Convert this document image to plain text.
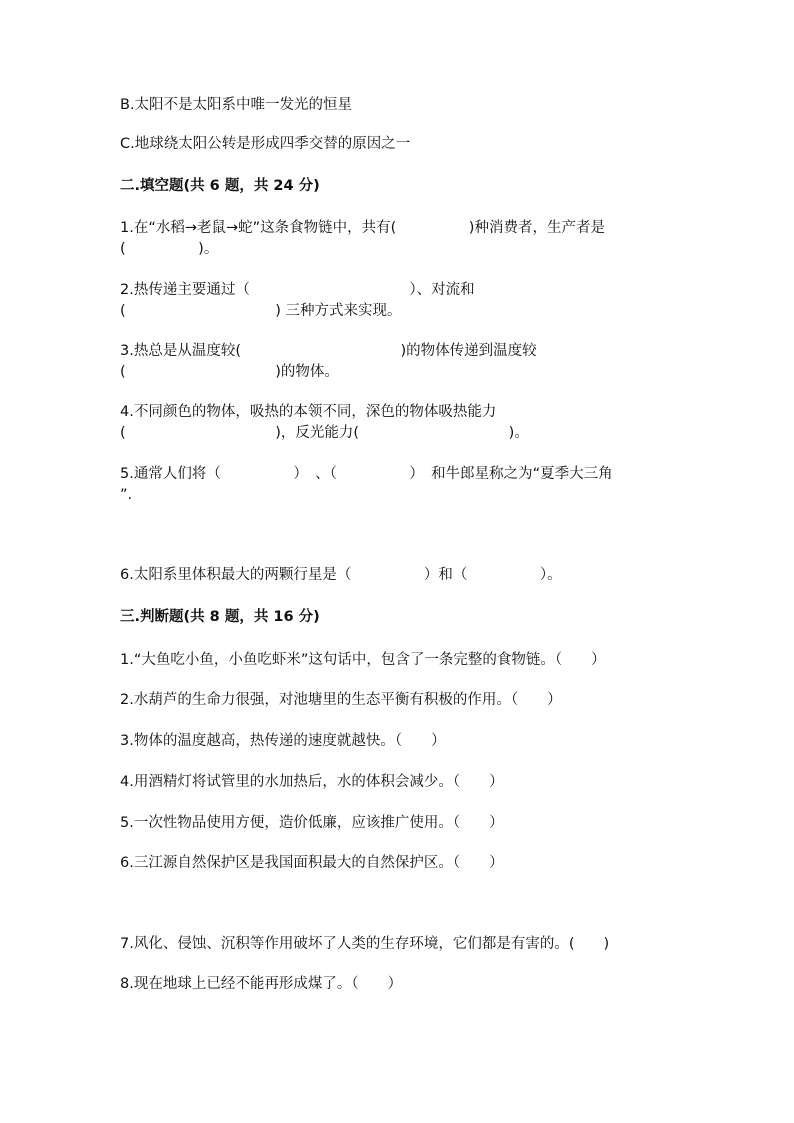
B.太阳不是太阳系中唯一发光的恒星
C.地球绕太阳公转是形成四季交替的原因之一
二.填空题(共 6 题，共 24 分)
1.在“水稻→老鼠→蛇”这条食物链中，共有(　　　　　)种消费者，生产者是
(　　　　　)。
2.热传递主要通过（　　　　　　　　　　　）、对流和
(　　　　　　　　　　 ) 三种方式来实现。
3.热总是从温度较(　　　　　　　　　　　)的物体传递到温度较
(　　　　　　　　　　 )的物体。
4.不同颜色的物体，吸热的本领不同，深色的物体吸热能力
(　　　　　　　　　　 )，反光能力(　　　　　　　　　　 )。
5.通常人们将（　　　　　）　、（　　　　　）　和牛郎星称之为“夏季大三角
”.
6.太阳系里体积最大的两颗行星是（　　　　　）和（　　　　　）。
三.判断题(共 8 题，共 16 分)
1.“大鱼吃小鱼，小鱼吃虾米”这句话中，包含了一条完整的食物链。（　　）
2.水葫芦的生命力很强，对池塘里的生态平衡有积极的作用。（　　）
3.物体的温度越高，热传递的速度就越快。（　　）
4.用酒精灯将试管里的水加热后，水的体积会减少。（　　）
5.一次性物品使用方便，造价低廉，应该推广使用。（　　）
6.三江源自然保护区是我国面积最大的自然保护区。（　　）
7.风化、侵蚀、沉积等作用破坏了人类的生存环境，它们都是有害的。(　　)
8.现在地球上已经不能再形成煤了。（　　）
